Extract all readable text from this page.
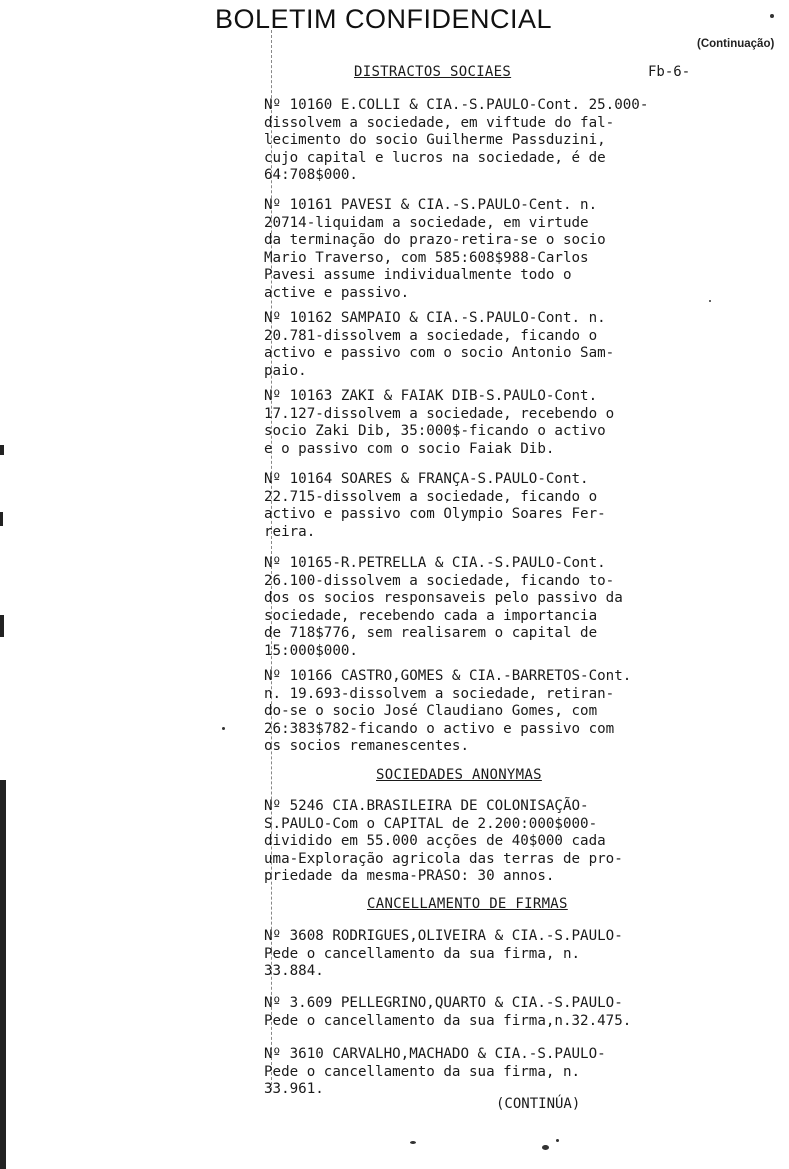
BOLETIM CONFIDENCIAL
(Continuação)
DISTRACTOS SOCIAES	Fb-6-
Nº 10160 E.COLLI & CIA.-S.PAULO-Cont. 25.000-
dissolvem a sociedade, em viftude do fal-
lecimento do socio Guilherme Passduzini,
cujo capital e lucros na sociedade, é de
64:708$000.
Nº 10161 PAVESI & CIA.-S.PAULO-Cent. n.
20714-liquidam a sociedade, em virtude
da terminação do prazo-retira-se o socio
Mario Traverso, com 585:608$988-Carlos
Pavesi assume individualmente todo o
active e passivo.
Nº 10162 SAMPAIO & CIA.-S.PAULO-Cont. n.
20.781-dissolvem a sociedade, ficando o
activo e passivo com o socio Antonio Sam-
paio.
Nº 10163 ZAKI & FAIAK DIB-S.PAULO-Cont.
17.127-dissolvem a sociedade, recebendo o
socio Zaki Dib, 35:000$-ficando o activo
e o passivo com o socio Faiak Dib.
Nº 10164 SOARES & FRANÇA-S.PAULO-Cont.
22.715-dissolvem a sociedade, ficando o
activo e passivo com Olympio Soares Fer-
reira.
Nº 10165-R.PETRELLA & CIA.-S.PAULO-Cont.
26.100-dissolvem a sociedade, ficando to-
dos os socios responsaveis pelo passivo da
sociedade, recebendo cada a importancia
de 718$776, sem realisarem o capital de
15:000$000.
Nº 10166 CASTRO,GOMES & CIA.-BARRETOS-Cont.
n. 19.693-dissolvem a sociedade, retiran-
do-se o socio José Claudiano Gomes, com
26:383$782-ficando o activo e passivo com
os socios remanescentes.
SOCIEDADES ANONYMAS
Nº 5246 CIA.BRASILEIRA DE COLONISAÇÃO-
S.PAULO-Com o CAPITAL de 2.200:000$000-
dividido em 55.000 acções de 40$000 cada
uma-Exploração agricola das terras de pro-
priedade da mesma-PRASO: 30 annos.
CANCELLAMENTO DE FIRMAS
Nº 3608 RODRIGUES,OLIVEIRA & CIA.-S.PAULO-
Pede o cancellamento da sua firma, n.
33.884.
Nº 3.609 PELLEGRINO,QUARTO & CIA.-S.PAULO-
Pede o cancellamento da sua firma,n.32.475.
Nº 3610 CARVALHO,MACHADO & CIA.-S.PAULO-
Pede o cancellamento da sua firma, n.
33.961.
(CONTINÚA)
